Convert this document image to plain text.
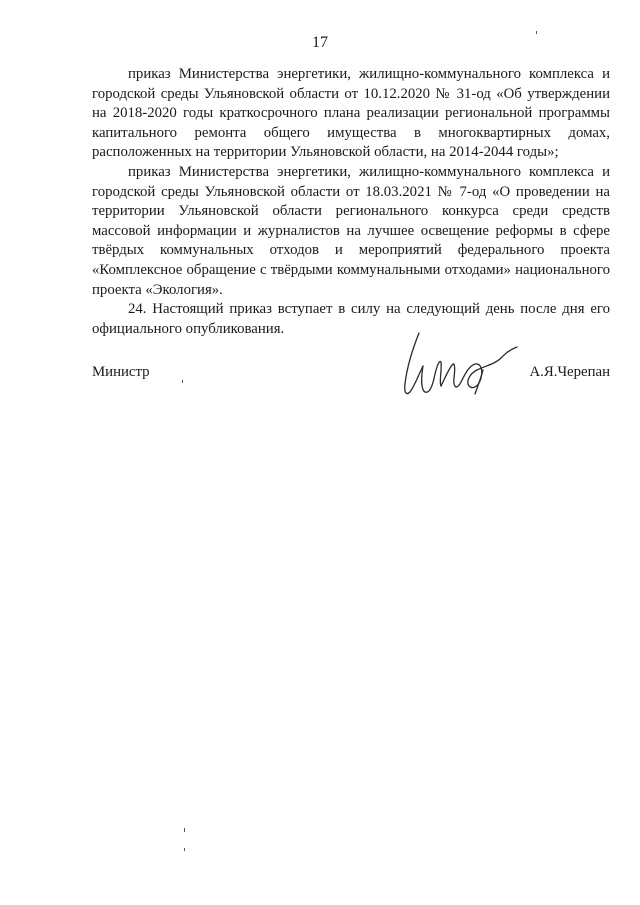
17

приказ Министерства энергетики, жилищно-коммунального комплекса и городской среды Ульяновской области от 10.12.2020 № 31-од «Об утверждении на 2018-2020 годы краткосрочного плана реализации региональной программы капитального ремонта общего имущества в многоквартирных домах, расположенных на территории Ульяновской области, на 2014-2044 годы»;

приказ Министерства энергетики, жилищно-коммунального комплекса и городской среды Ульяновской области от 18.03.2021 № 7-од «О проведении на территории Ульяновской области регионального конкурса среди средств массовой информации и журналистов на лучшее освещение реформы в сфере твёрдых коммунальных отходов и мероприятий федерального проекта «Комплексное обращение с твёрдыми коммунальными отходами» национального проекта «Экология».

24. Настоящий приказ вступает в силу на следующий день после дня его официального опубликования.

Министр	А.Я.Черепан
